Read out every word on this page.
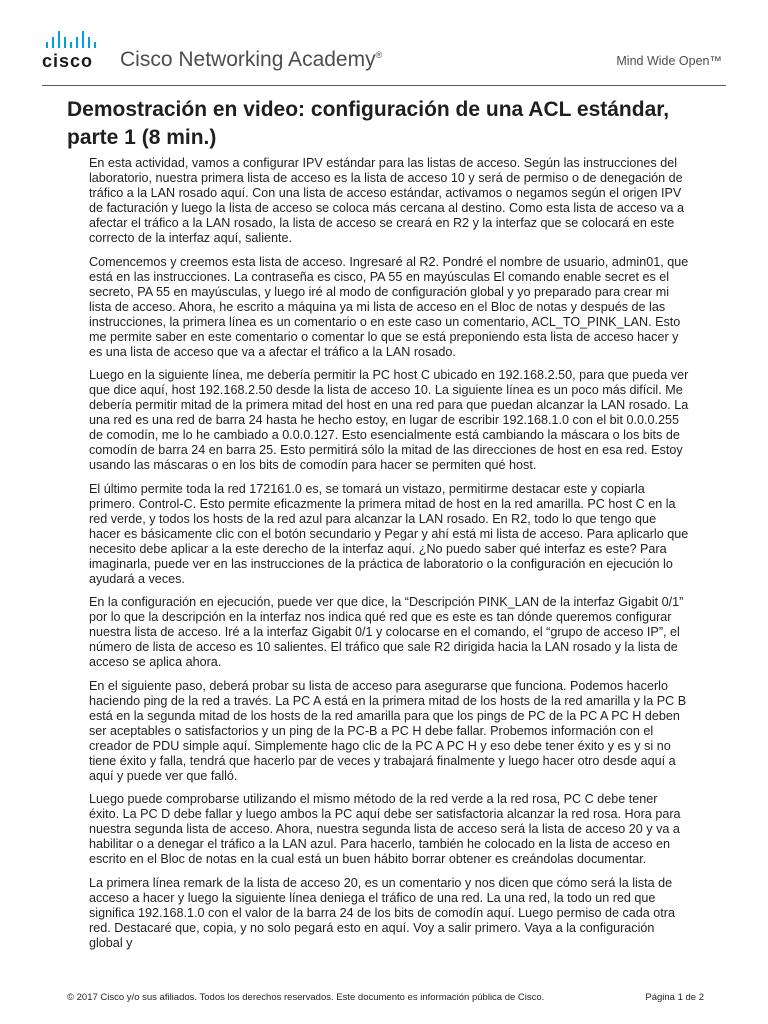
cisco	Cisco Networking Academy®	Mind Wide Open™
Demostración en video: configuración de una ACL estándar, parte 1 (8 min.)

En esta actividad, vamos a configurar IPV estándar para las listas de acceso. Según las instrucciones del laboratorio, nuestra primera lista de acceso es la lista de acceso 10 y será de permiso o de denegación de tráfico a la LAN rosado aquí. Con una lista de acceso estándar, activamos o negamos según el origen IPV de facturación y luego la lista de acceso se coloca más cercana al destino. Como esta lista de acceso va a afectar el tráfico a la LAN rosado, la lista de acceso se creará en R2 y la interfaz que se colocará en este correcto de la interfaz aquí, saliente.

Comencemos y creemos esta lista de acceso. Ingresaré al R2. Pondré el nombre de usuario, admin01, que está en las instrucciones. La contraseña es cisco, PA 55 en mayúsculas El comando enable secret es el secreto, PA 55 en mayúsculas, y luego iré al modo de configuración global y yo preparado para crear mi lista de acceso. Ahora, he escrito a máquina ya mi lista de acceso en el Bloc de notas y después de las instrucciones, la primera línea es un comentario o en este caso un comentario, ACL_TO_PINK_LAN. Esto me permite saber en este comentario o comentar lo que se está preponiendo esta lista de acceso hacer y es una lista de acceso que va a afectar el tráfico a la LAN rosado.

Luego en la siguiente línea, me debería permitir la PC host C ubicado en 192.168.2.50, para que pueda ver que dice aquí, host 192.168.2.50 desde la lista de acceso 10. La siguiente línea es un poco más difícil. Me debería permitir mitad de la primera mitad del host en una red para que puedan alcanzar la LAN rosado. La una red es una red de barra 24 hasta he hecho estoy, en lugar de escribir 192.168.1.0 con el bit 0.0.0.255 de comodín, me lo he cambiado a 0.0.0.127. Esto esencialmente está cambiando la máscara o los bits de comodín de barra 24 en barra 25. Esto permitirá sólo la mitad de las direcciones de host en esa red. Estoy usando las máscaras o en los bits de comodín para hacer se permiten qué host.

El último permite toda la red 172161.0 es, se tomará un vistazo, permitirme destacar este y copiarla primero. Control-C. Esto permite eficazmente la primera mitad de host en la red amarilla. PC host C en la red verde, y todos los hosts de la red azul para alcanzar la LAN rosado. En R2, todo lo que tengo que hacer es básicamente clic con el botón secundario y Pegar y ahí está mi lista de acceso. Para aplicarlo que necesito debe aplicar a la este derecho de la interfaz aquí. ¿No puedo saber qué interfaz es este? Para imaginarla, puede ver en las instrucciones de la práctica de laboratorio o la configuración en ejecución lo ayudará a veces.

En la configuración en ejecución, puede ver que dice, la “Descripción PINK_LAN de la interfaz Gigabit 0/1” por lo que la descripción en la interfaz nos indica qué red que es este es tan dónde queremos configurar nuestra lista de acceso. Iré a la interfaz Gigabit 0/1 y colocarse en el comando, el “grupo de acceso IP”, el número de lista de acceso es 10 salientes. El tráfico que sale R2 dirigida hacia la LAN rosado y la lista de acceso se aplica ahora.

En el siguiente paso, deberá probar su lista de acceso para asegurarse que funciona. Podemos hacerlo haciendo ping de la red a través. La PC A está en la primera mitad de los hosts de la red amarilla y la PC B está en la segunda mitad de los hosts de la red amarilla para que los pings de PC de la PC A PC H deben ser aceptables o satisfactorios y un ping de la PC-B a PC H debe fallar. Probemos información con el creador de PDU simple aquí. Simplemente hago clic de la PC A PC H y eso debe tener éxito y es y si no tiene éxito y falla, tendrá que hacerlo par de veces y trabajará finalmente y luego hacer otro desde aquí a aquí y puede ver que falló.

Luego puede comprobarse utilizando el mismo método de la red verde a la red rosa, PC C debe tener éxito. La PC D debe fallar y luego ambos la PC aquí debe ser satisfactoria alcanzar la red rosa. Hora para nuestra segunda lista de acceso. Ahora, nuestra segunda lista de acceso será la lista de acceso 20 y va a habilitar o a denegar el tráfico a la LAN azul. Para hacerlo, también he colocado en la lista de acceso en escrito en el Bloc de notas en la cual está un buen hábito borrar obtener es creándolas documentar.

La primera línea remark de la lista de acceso 20, es un comentario y nos dicen que cómo será la lista de acceso a hacer y luego la siguiente línea deniega el tráfico de una red. La una red, la todo un red que significa 192.168.1.0 con el valor de la barra 24 de los bits de comodín aquí. Luego permiso de cada otra red. Destacaré que, copia, y no solo pegará esto en aquí. Voy a salir primero. Vaya a la configuración global y

© 2017 Cisco y/o sus afiliados. Todos los derechos reservados. Este documento es información pública de Cisco.	Página 1 de 2
